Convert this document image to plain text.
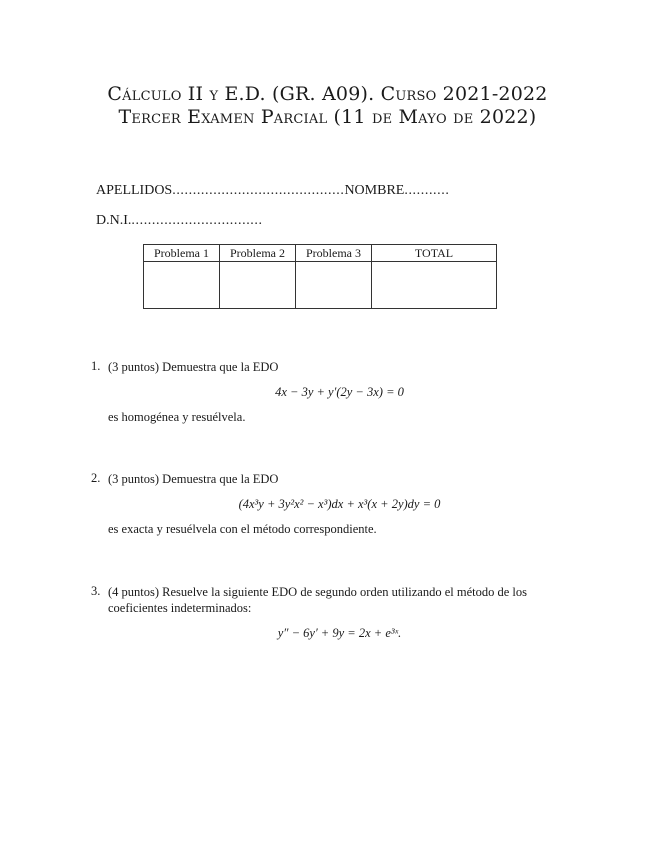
Cálculo II y E.D. (GR. A09). Curso 2021-2022
Tercer Examen Parcial (11 de Mayo de 2022)
APELLIDOS..........................................NOMBRE...........
D.N.I.................................
Problema 1	Problema 2	Problema 3	TOTAL

1. (3 puntos) Demuestra que la EDO
4x − 3y + y′(2y − 3x) = 0
es homogénea y resuélvela.
2. (3 puntos) Demuestra que la EDO
(4x³y + 3y²x² − x³)dx + x³(x + 2y)dy = 0
es exacta y resuélvela con el método correspondiente.
3. (4 puntos) Resuelve la siguiente EDO de segundo orden utilizando el método de los coeficientes indeterminados:
y″ − 6y′ + 9y = 2x + e³ˣ.
